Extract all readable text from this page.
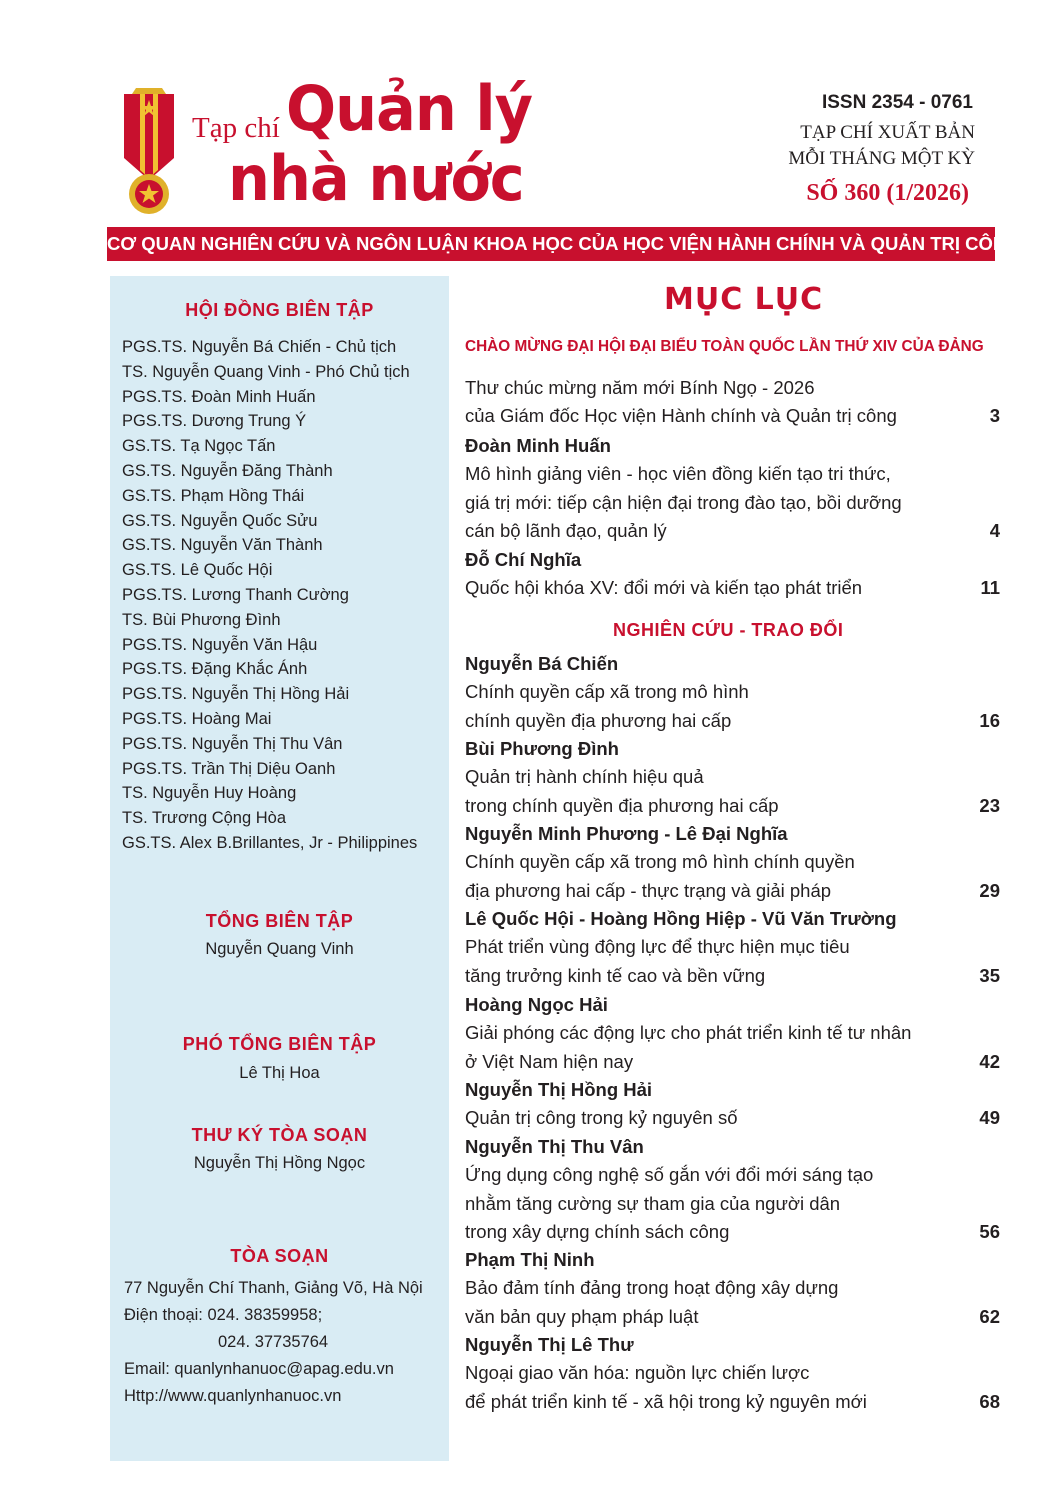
Tạp chí Quản lý
nhà nước
ISSN 2354 - 0761
TẠP CHÍ XUẤT BẢN
MỖI THÁNG MỘT KỲ
SỐ 360 (1/2026)
CƠ QUAN NGHIÊN CỨU VÀ NGÔN LUẬN KHOA HỌC CỦA HỌC VIỆN HÀNH CHÍNH VÀ QUẢN TRỊ CÔNG
HỘI ĐỒNG BIÊN TẬP
PGS.TS. Nguyễn Bá Chiến - Chủ tịch
TS. Nguyễn Quang Vinh - Phó Chủ tịch
PGS.TS. Đoàn Minh Huấn
PGS.TS. Dương Trung Ý
GS.TS. Tạ Ngọc Tấn
GS.TS. Nguyễn Đăng Thành
GS.TS. Phạm Hồng Thái
GS.TS. Nguyễn Quốc Sửu
GS.TS. Nguyễn Văn Thành
GS.TS. Lê Quốc Hội
PGS.TS. Lương Thanh Cường
TS. Bùi Phương Đình
PGS.TS. Nguyễn Văn Hậu
PGS.TS. Đặng Khắc Ánh
PGS.TS. Nguyễn Thị Hồng Hải
PGS.TS. Hoàng Mai
PGS.TS. Nguyễn Thị Thu Vân
PGS.TS. Trần Thị Diệu Oanh
TS. Nguyễn Huy Hoàng
TS. Trương Cộng Hòa
GS.TS. Alex B.Brillantes, Jr - Philippines
TỔNG BIÊN TẬP
Nguyễn Quang Vinh
PHÓ TỔNG BIÊN TẬP
Lê Thị Hoa
THƯ KÝ TÒA SOẠN
Nguyễn Thị Hồng Ngọc
TÒA SOẠN
77 Nguyễn Chí Thanh, Giảng Võ, Hà Nội
Điện thoại: 024. 38359958;
024. 37735764
Email: quanlynhanuoc@apag.edu.vn
Http://www.quanlynhanuoc.vn
MỤC LỤC
CHÀO MỪNG ĐẠI HỘI ĐẠI BIỂU TOÀN QUỐC LẦN THỨ XIV CỦA ĐẢNG
NGHIÊN CỨU - TRAO ĐỔI
Thư chúc mừng năm mới Bính Ngọ - 2026
của Giám đốc Học viện Hành chính và Quản trị công	3
Đoàn Minh Huấn
Mô hình giảng viên - học viên đồng kiến tạo tri thức,
giá trị mới: tiếp cận hiện đại trong đào tạo, bồi dưỡng
cán bộ lãnh đạo, quản lý	4
Đỗ Chí Nghĩa
Quốc hội khóa XV: đổi mới và kiến tạo phát triển	11
Nguyễn Bá Chiến
Chính quyền cấp xã trong mô hình
chính quyền địa phương hai cấp	16
Bùi Phương Đình
Quản trị hành chính hiệu quả
trong chính quyền địa phương hai cấp	23
Nguyễn Minh Phương - Lê Đại Nghĩa
Chính quyền cấp xã trong mô hình chính quyền
địa phương hai cấp - thực trạng và giải pháp	29
Lê Quốc Hội - Hoàng Hồng Hiệp - Vũ Văn Trường
Phát triển vùng động lực để thực hiện mục tiêu
tăng trưởng kinh tế cao và bền vững	35
Hoàng Ngọc Hải
Giải phóng các động lực cho phát triển kinh tế tư nhân
ở Việt Nam hiện nay	42
Nguyễn Thị Hồng Hải
Quản trị công trong kỷ nguyên số	49
Nguyễn Thị Thu Vân
Ứng dụng công nghệ số gắn với đổi mới sáng tạo
nhằm tăng cường sự tham gia của người dân
trong xây dựng chính sách công	56
Phạm Thị Ninh
Bảo đảm tính đảng trong hoạt động xây dựng
văn bản quy phạm pháp luật	62
Nguyễn Thị Lê Thư
Ngoại giao văn hóa: nguồn lực chiến lược
để phát triển kinh tế - xã hội trong kỷ nguyên mới	68
